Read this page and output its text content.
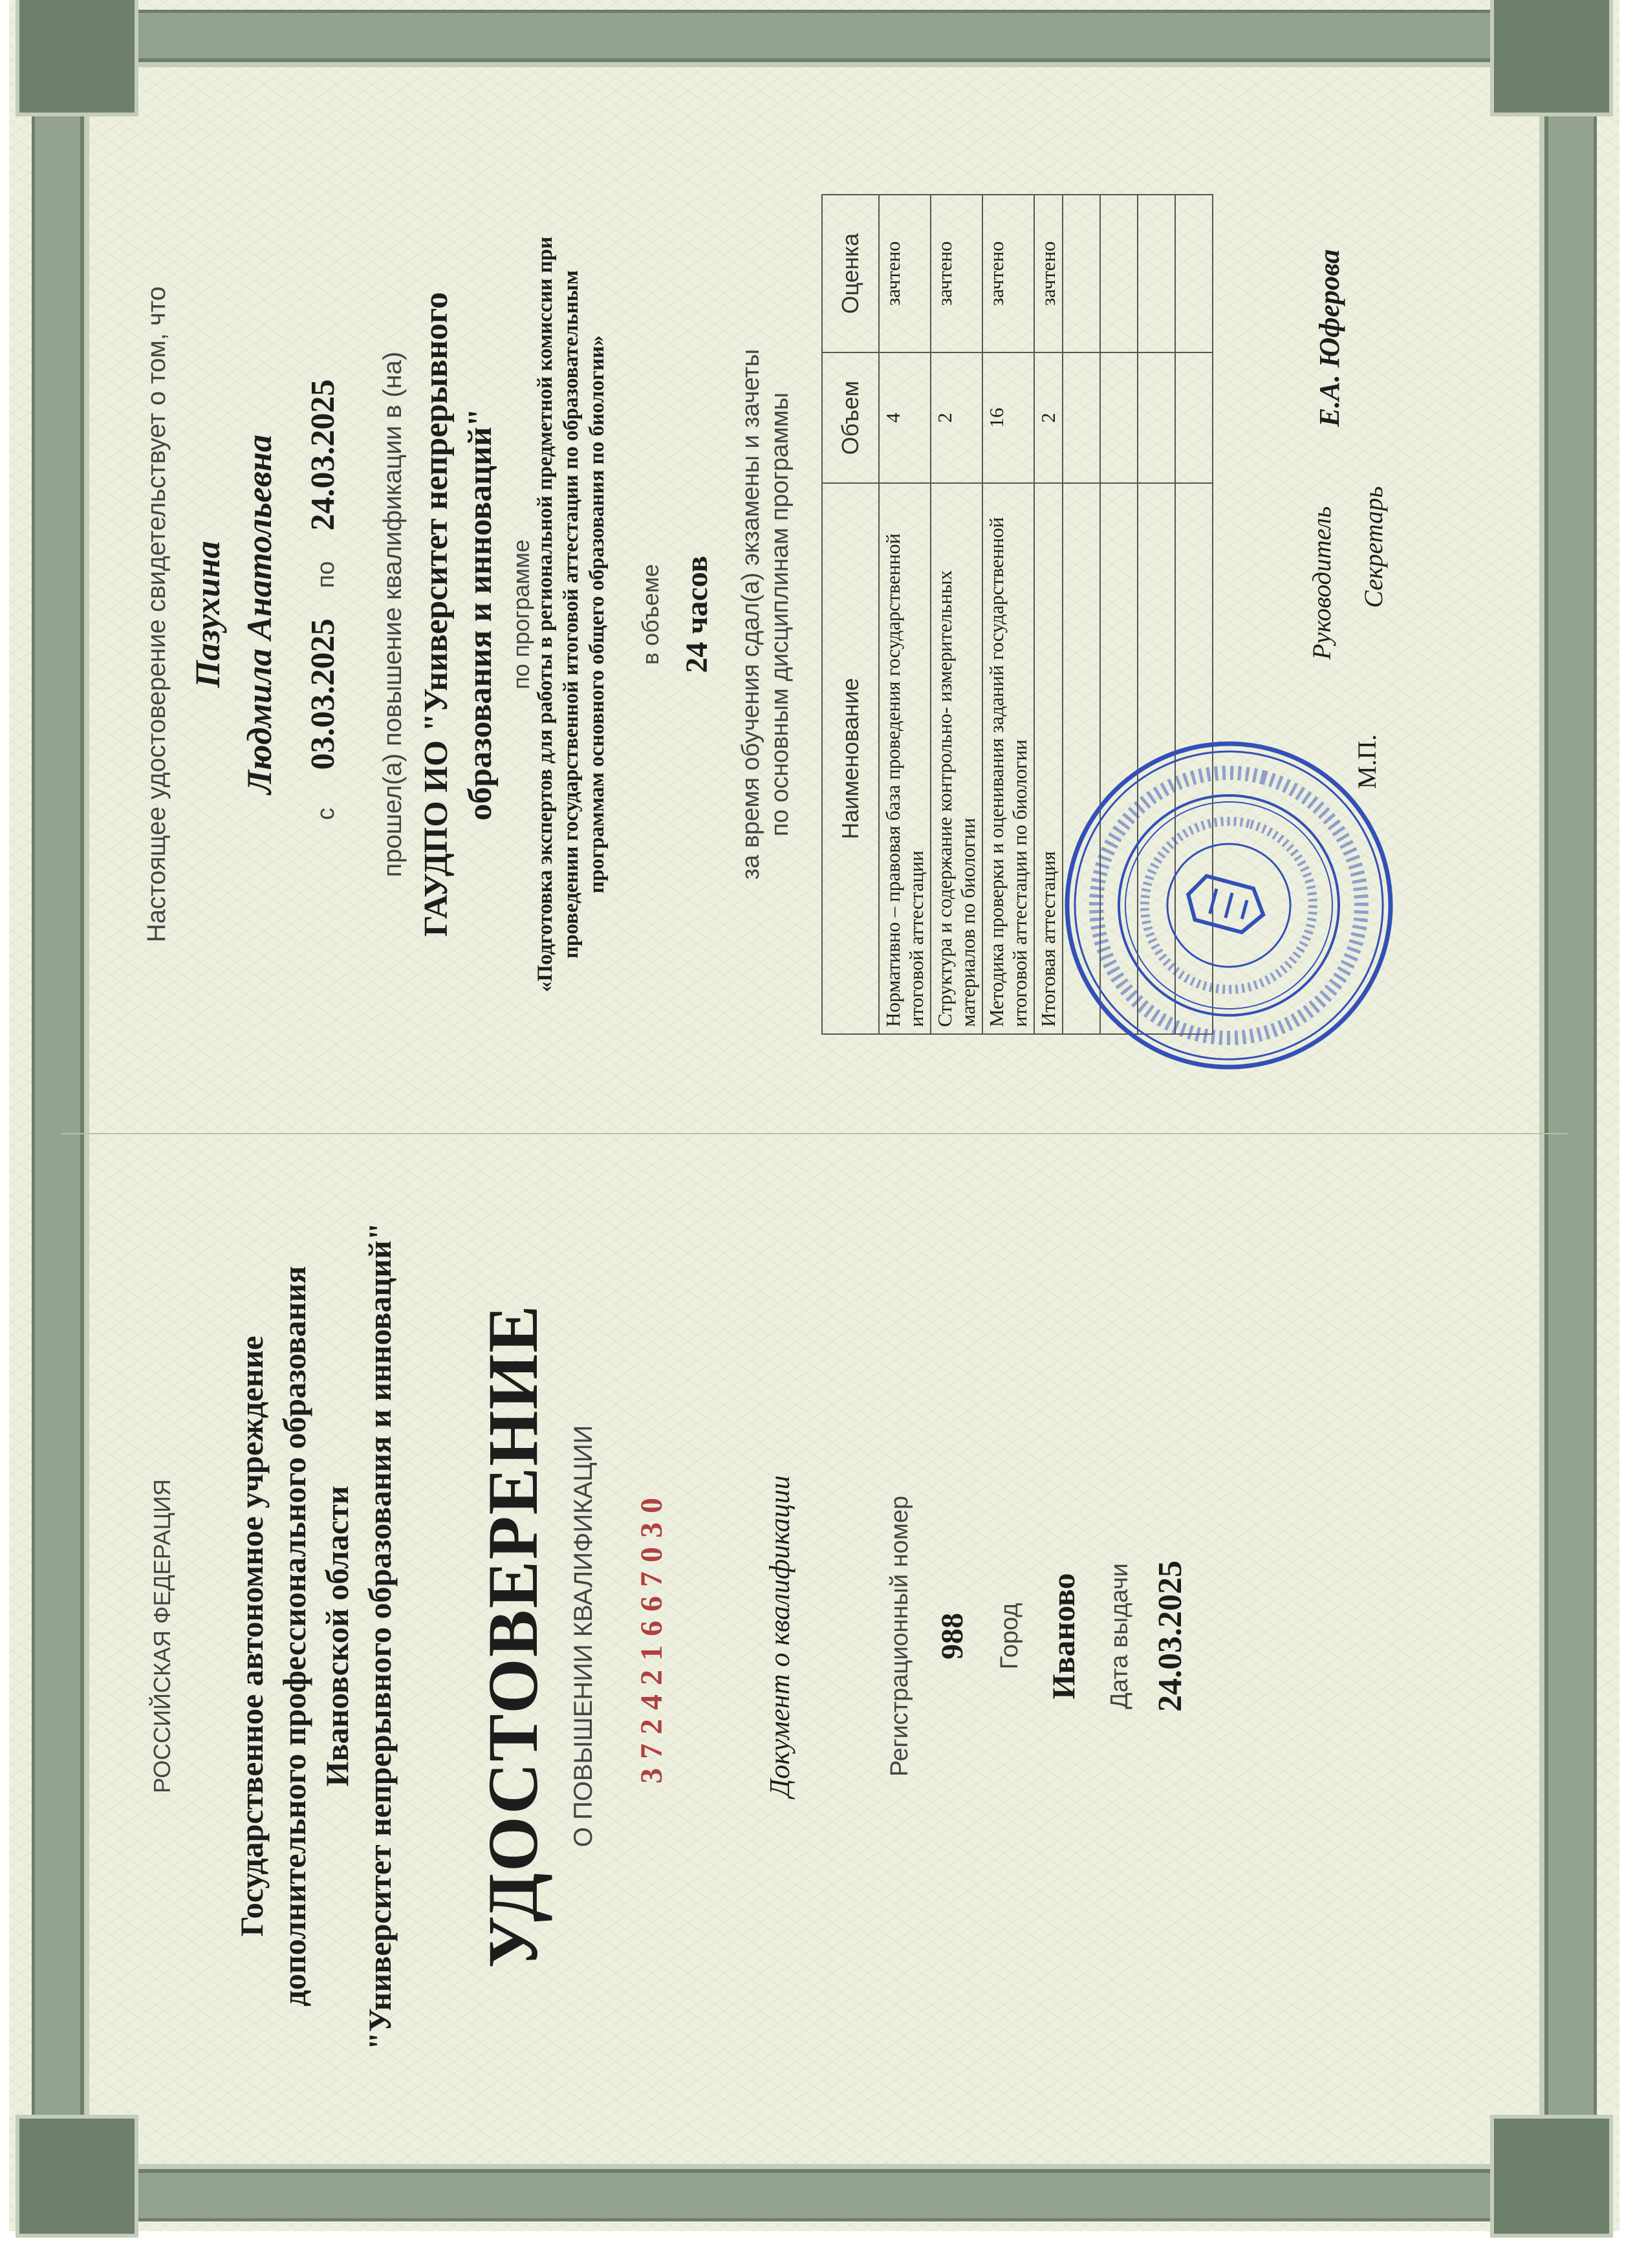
РОССИЙСКАЯ ФЕДЕРАЦИЯ Государственное автономное учреждение дополнительного профессионального образования Ивановской области "Университет непрерывного образования и инноваций" УДОСТОВЕРЕНИЕ О ПОВЫШЕНИИ КВАЛИФИКАЦИИ 372421667030	Документ о квалификации	Регистрационный номер 988 Город Иваново Дата выдачи 24.03.2025
Настоящее удостоверение свидетельствует о том, что Пазухина Людмила Анатольевна
с 03.03.2025 по 24.03.2025 прошел(а) повышение квалификации в (на) ГАУДПО ИО "Университет непрерывного образования и инноваций" по программе «Подготовка экспертов для работы в региональной предметной комиссии при проведении государственной итоговой аттестации по образовательным программам основного общего образования по биологии» в объеме 24 часов за время обучения сдал(а) экзамены и зачеты по основным дисциплинам программы Наименование	Объем	Оценка
Нормативно – правовая база проведения государственной итоговой аттестации	4	зачтено
Структура и содержание контрольно- измерительных материалов по биологии	2	зачтено
Методика проверки и оценивания заданий государственной итоговой аттестации по биологии	16	зачтено
Итоговая аттестация	2	зачтено

Руководитель
Е.А. Юферова
Секретарь
М.П.
